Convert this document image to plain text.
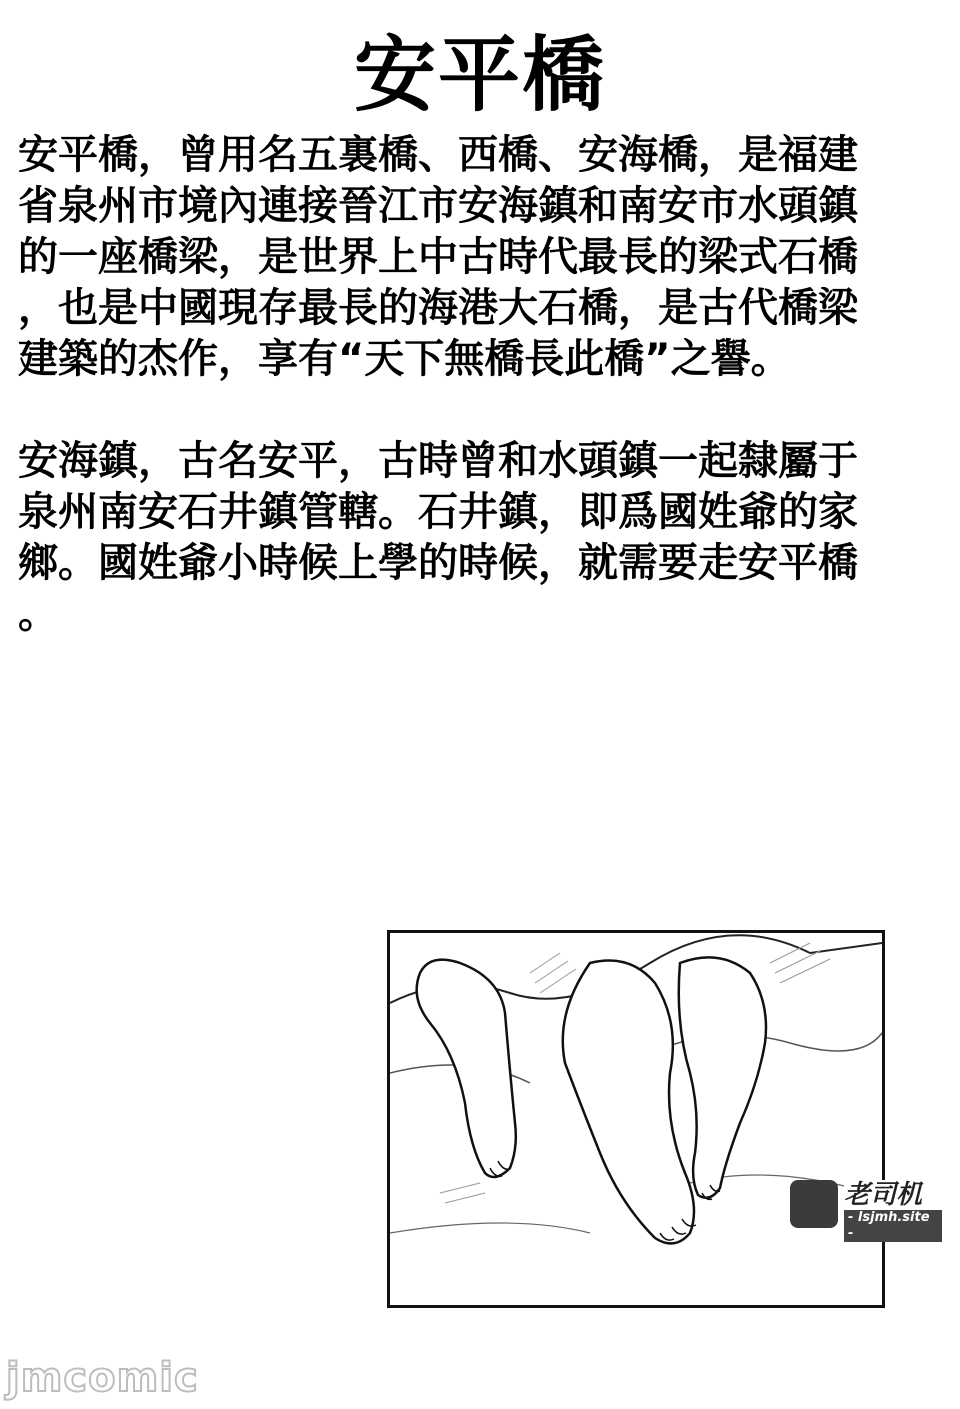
安平橋
安平橋，曾用名五裏橋、西橋、安海橋，是福建
省泉州市境內連接晉江市安海鎮和南安市水頭鎮
的一座橋梁，是世界上中古時代最長的梁式石橋
，也是中國現存最長的海港大石橋，是古代橋梁
建築的杰作，享有“天下無橋長此橋”之譽。
安海鎮，古名安平，古時曾和水頭鎮一起隸屬于
泉州南安石井鎮管轄。石井鎮，即爲國姓爺的家
鄉。國姓爺小時候上學的時候，就需要走安平橋
。
老司机
- lsjmh.site -
jmcomic
